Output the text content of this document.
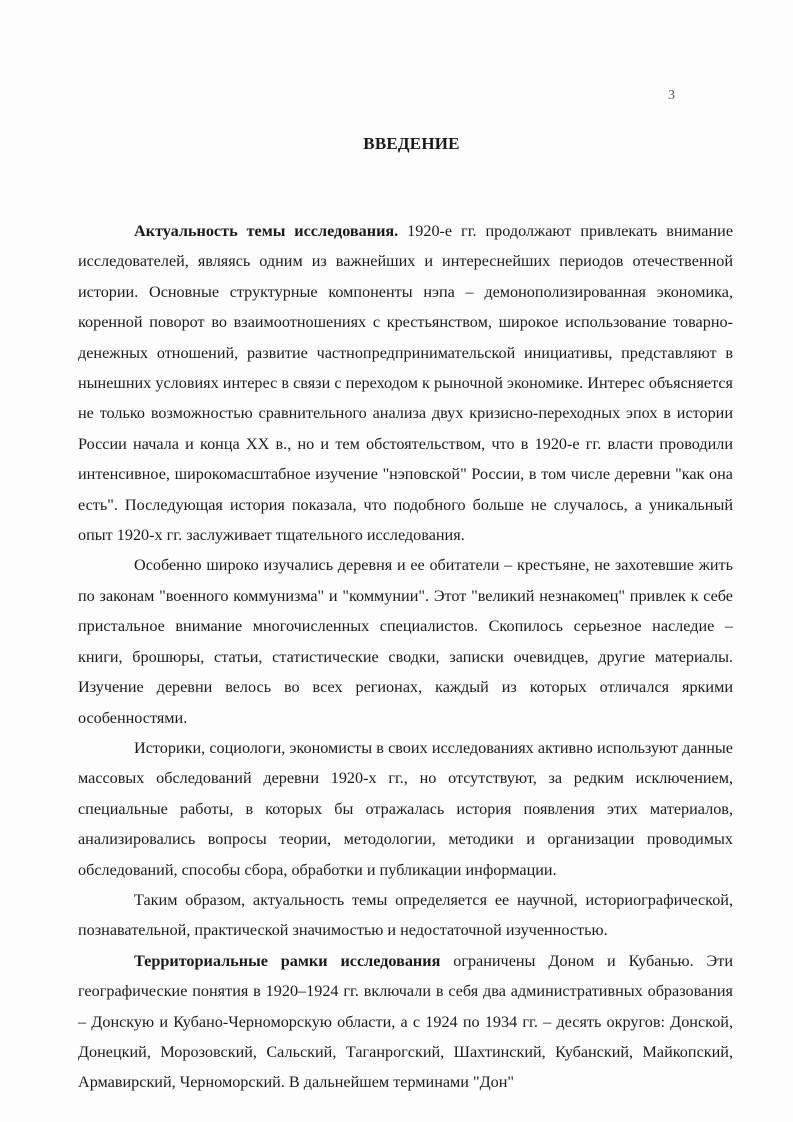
3
ВВЕДЕНИЕ

Актуальность темы исследования. 1920-е гг. продолжают привлекать внимание исследователей, являясь одним из важнейших и интереснейших периодов отечественной истории. Основные структурные компоненты нэпа – демонополизированная экономика, коренной поворот во взаимоотношениях с крестьянством, широкое использование товарно-денежных отношений, развитие частнопредпринимательской инициативы, представляют в нынешних условиях интерес в связи с переходом к рыночной экономике. Интерес объясняется не только возможностью сравнительного анализа двух кризисно-переходных эпох в истории России начала и конца XX в., но и тем обстоятельством, что в 1920-е гг. власти проводили интенсивное, широкомасштабное изучение "нэповской" России, в том числе деревни "как она есть". Последующая история показала, что подобного больше не случалось, а уникальный опыт 1920-х гг. заслуживает тщательного исследования.

Особенно широко изучались деревня и ее обитатели – крестьяне, не захотевшие жить по законам "военного коммунизма" и "коммунии". Этот "великий незнакомец" привлек к себе пристальное внимание многочисленных специалистов. Скопилось серьезное наследие – книги, брошюры, статьи, статистические сводки, записки очевидцев, другие материалы. Изучение деревни велось во всех регионах, каждый из которых отличался яркими особенностями.

Историки, социологи, экономисты в своих исследованиях активно используют данные массовых обследований деревни 1920-х гг., но отсутствуют, за редким исключением, специальные работы, в которых бы отражалась история появления этих материалов, анализировались вопросы теории, методологии, методики и организации проводимых обследований, способы сбора, обработки и публикации информации.

Таким образом, актуальность темы определяется ее научной, историографической, познавательной, практической значимостью и недостаточной изученностью.

Территориальные рамки исследования ограничены Доном и Кубанью. Эти географические понятия в 1920–1924 гг. включали в себя два административных образования – Донскую и Кубано-Черноморскую области, а с 1924 по 1934 гг. – десять округов: Донской, Донецкий, Морозовский, Сальский, Таганрогский, Шахтинский, Кубанский, Майкопский, Армавирский, Черноморский. В дальнейшем терминами "Дон"
